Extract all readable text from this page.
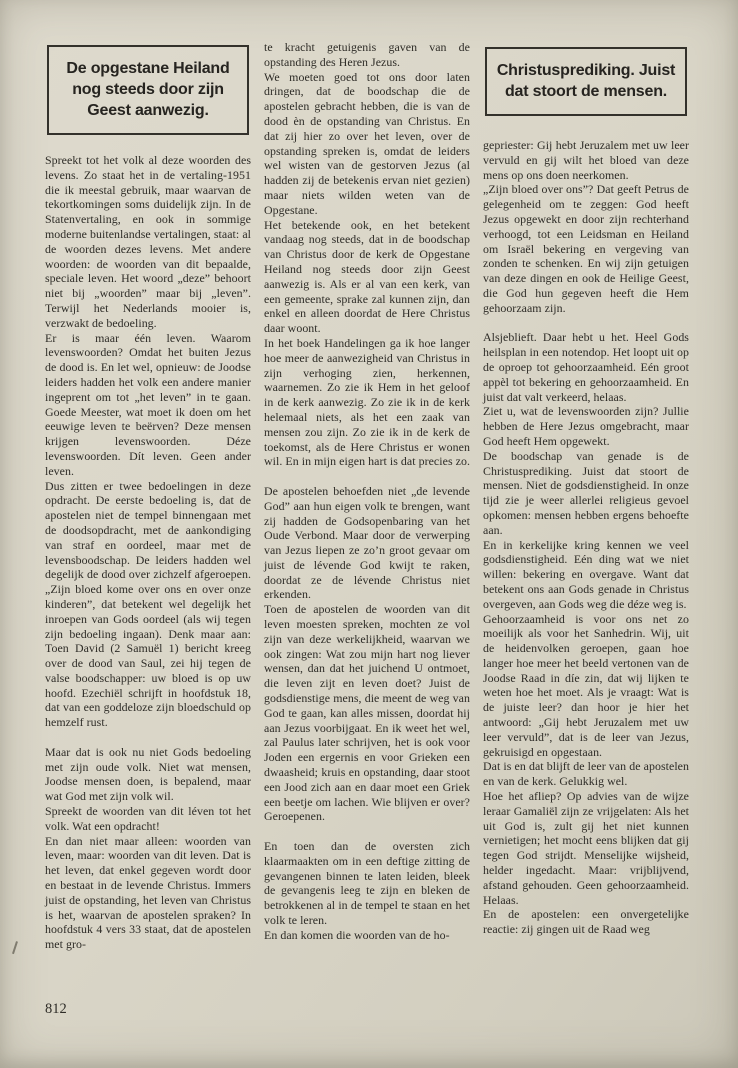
De opgestane Heiland nog steeds door zijn Geest aanwezig.

Spreekt tot het volk al deze woorden des levens. Zo staat het in de vertaling-1951 die ik meestal gebruik, maar waarvan de tekortkomingen soms duidelijk zijn. In de Statenvertaling, en ook in sommige moderne buitenlandse vertalingen, staat: al de woorden dezes levens. Met andere woorden: de woorden van dit bepaalde, speciale leven. Het woord „deze” behoort niet bij „woorden” maar bij „leven”. Terwijl het Nederlands mooier is, verzwakt de bedoeling.

Er is maar één leven. Waarom levenswoorden? Omdat het buiten Jezus de dood is. En let wel, opnieuw: de Joodse leiders hadden het volk een andere manier ingeprent om tot „het leven” in te gaan. Goede Meester, wat moet ik doen om het eeuwige leven te beërven? Deze mensen krijgen levenswoorden. Déze levenswoorden. Dít leven. Geen ander leven.

Dus zitten er twee bedoelingen in deze opdracht. De eerste bedoeling is, dat de apostelen niet de tempel binnengaan met de doodsopdracht, met de aankondiging van straf en oordeel, maar met de levensboodschap. De leiders hadden wel degelijk de dood over zichzelf afgeroepen. „Zijn bloed kome over ons en over onze kinderen”, dat betekent wel degelijk het inroepen van Gods oordeel (als wij tegen zijn bedoeling ingaan). Denk maar aan: Toen David (2 Samuël 1) bericht kreeg over de dood van Saul, zei hij tegen de valse boodschapper: uw bloed is op uw hoofd. Ezechiël schrijft in hoofdstuk 18, dat van een goddeloze zijn bloedschuld op hemzelf rust.

Maar dat is ook nu niet Gods bedoeling met zijn oude volk. Niet wat mensen, Joodse mensen doen, is bepalend, maar wat God met zijn volk wil.

Spreekt de woorden van dit léven tot het volk. Wat een opdracht!

En dan niet maar alleen: woorden van leven, maar: woorden van dit leven. Dat is het leven, dat enkel gegeven wordt door en bestaat in de levende Christus. Immers juist de opstanding, het leven van Christus is het, waarvan de apostelen spraken? In hoofdstuk 4 vers 33 staat, dat de apostelen met gro-

te kracht getuigenis gaven van de opstanding des Heren Jezus.

We moeten goed tot ons door laten dringen, dat de boodschap die de apostelen gebracht hebben, die is van de dood èn de opstanding van Christus. En dat zij hier zo over het leven, over de opstanding spreken is, omdat de leiders wel wisten van de gestorven Jezus (al hadden zij de betekenis ervan niet gezien) maar niets wilden weten van de Opgestane.

Het betekende ook, en het betekent vandaag nog steeds, dat in de boodschap van Christus door de kerk de Opgestane Heiland nog steeds door zijn Geest aanwezig is. Als er al van een kerk, van een gemeente, sprake zal kunnen zijn, dan enkel en alleen doordat de Here Christus daar woont.

In het boek Handelingen ga ik hoe langer hoe meer de aanwezigheid van Christus in zijn verhoging zien, herkennen, waarnemen. Zo zie ik Hem in het geloof in de kerk aanwezig. Zo zie ik in de kerk helemaal niets, als het een zaak van mensen zou zijn. Zo zie ik in de kerk de toekomst, als de Here Christus er wonen wil. En in mijn eigen hart is dat precies zo.

De apostelen behoefden niet „de levende God” aan hun eigen volk te brengen, want zij hadden de Godsopenbaring van het Oude Verbond. Maar door de verwerping van Jezus liepen ze zo’n groot gevaar om juist de lévende God kwijt te raken, doordat ze de lévende Christus niet erkenden.

Toen de apostelen de woorden van dit leven moesten spreken, mochten ze vol zijn van deze werkelijkheid, waarvan we ook zingen: Wat zou mijn hart nog liever wensen, dan dat het juichend U ontmoet, die leven zijt en leven doet? Juist de godsdienstige mens, die meent de weg van God te gaan, kan alles missen, doordat hij aan Jezus voorbijgaat. En ik weet het wel, zal Paulus later schrijven, het is ook voor Joden een ergernis en voor Grieken een dwaasheid; kruis en opstanding, daar stoot een Jood zich aan en daar moet een Griek een beetje om lachen. Wie blijven er over? Geroepenen.

En toen dan de oversten zich klaarmaakten om in een deftige zitting de gevangenen binnen te laten leiden, bleek de gevangenis leeg te zijn en bleken de betrokkenen al in de tempel te staan en het volk te leren.

En dan komen die woorden van de ho-

Christusprediking. Juist dat stoort de mensen.

gepriester: Gij hebt Jeruzalem met uw leer vervuld en gij wilt het bloed van deze mens op ons doen neerkomen.

„Zijn bloed over ons”? Dat geeft Petrus de gelegenheid om te zeggen: God heeft Jezus opgewekt en door zijn rechterhand verhoogd, tot een Leidsman en Heiland om Israël bekering en vergeving van zonden te schenken. En wij zijn getuigen van deze dingen en ook de Heilige Geest, die God hun gegeven heeft die Hem gehoorzaam zijn.

Alsjeblieft. Daar hebt u het. Heel Gods heilsplan in een notendop. Het loopt uit op de oproep tot gehoorzaamheid. Eén groot appèl tot bekering en gehoorzaamheid. En juist dat valt verkeerd, helaas.

Ziet u, wat de levenswoorden zijn? Jullie hebben de Here Jezus omgebracht, maar God heeft Hem opgewekt.

De boodschap van genade is de Christusprediking. Juist dat stoort de mensen. Niet de godsdienstigheid. In onze tijd zie je weer allerlei religieus gevoel opkomen: mensen hebben ergens behoefte aan.

En in kerkelijke kring kennen we veel godsdienstigheid. Eén ding wat we niet willen: bekering en overgave. Want dat betekent ons aan Gods genade in Christus overgeven, aan Gods weg die déze weg is.

Gehoorzaamheid is voor ons net zo moeilijk als voor het Sanhedrin. Wij, uit de heidenvolken geroepen, gaan hoe langer hoe meer het beeld vertonen van de Joodse Raad in díe zin, dat wij lijken te weten hoe het moet. Als je vraagt: Wat is de juiste leer? dan hoor je hier het antwoord: „Gij hebt Jeruzalem met uw leer vervuld”, dat is de leer van Jezus, gekruisigd en opgestaan.

Dat is en dat blijft de leer van de apostelen en van de kerk. Gelukkig wel.

Hoe het afliep? Op advies van de wijze leraar Gamaliël zijn ze vrijgelaten: Als het uit God is, zult gij het niet kunnen vernietigen; het mocht eens blijken dat gij tegen God strijdt. Menselijke wijsheid, helder ingedacht. Maar: vrijblijvend, afstand gehouden. Geen gehoorzaamheid. Helaas.

En de apostelen: een onvergetelijke reactie: zij gingen uit de Raad weg

812
